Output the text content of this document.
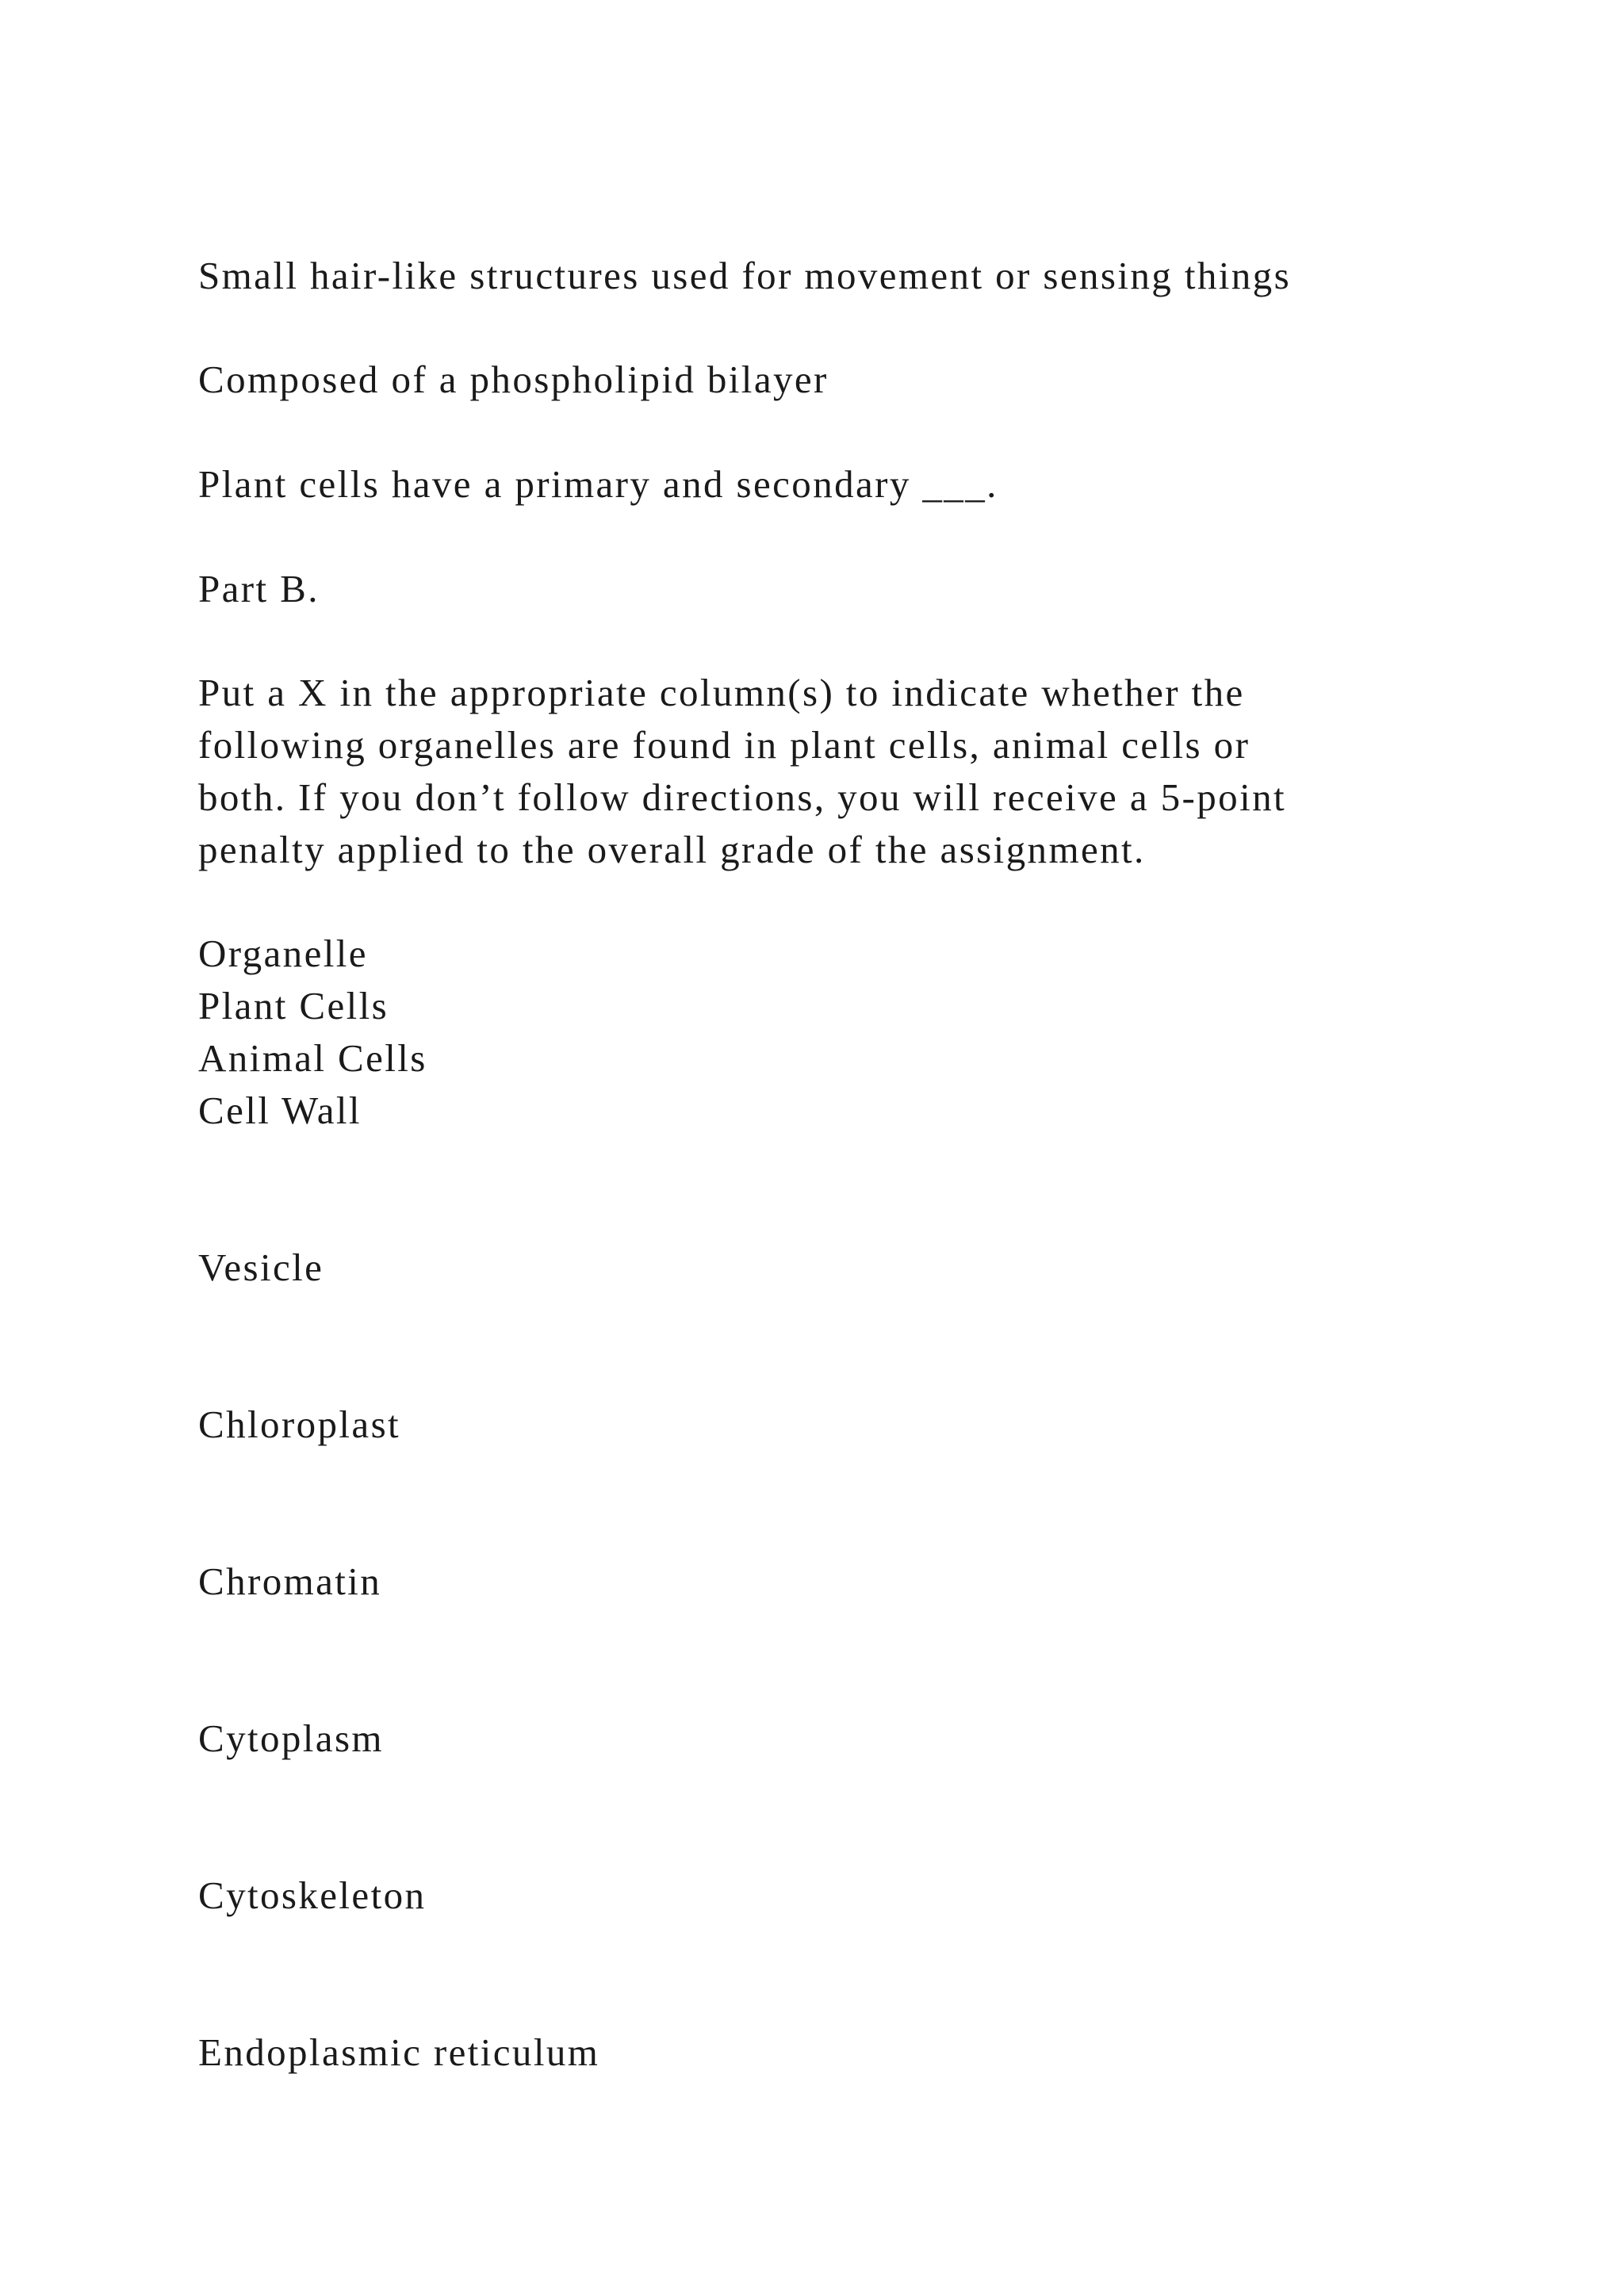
Small hair-like structures used for movement or sensing things

Composed of a phospholipid bilayer

Plant cells have a primary and secondary ___.

Part B.

Put a X in the appropriate column(s) to indicate whether the
following organelles are found in plant cells, animal cells or
both. If you don’t follow directions, you will receive a 5-point
penalty applied to the overall grade of the assignment.

Organelle

Plant Cells

Animal Cells

Cell Wall

Vesicle

Chloroplast

Chromatin

Cytoplasm

Cytoskeleton

Endoplasmic reticulum
